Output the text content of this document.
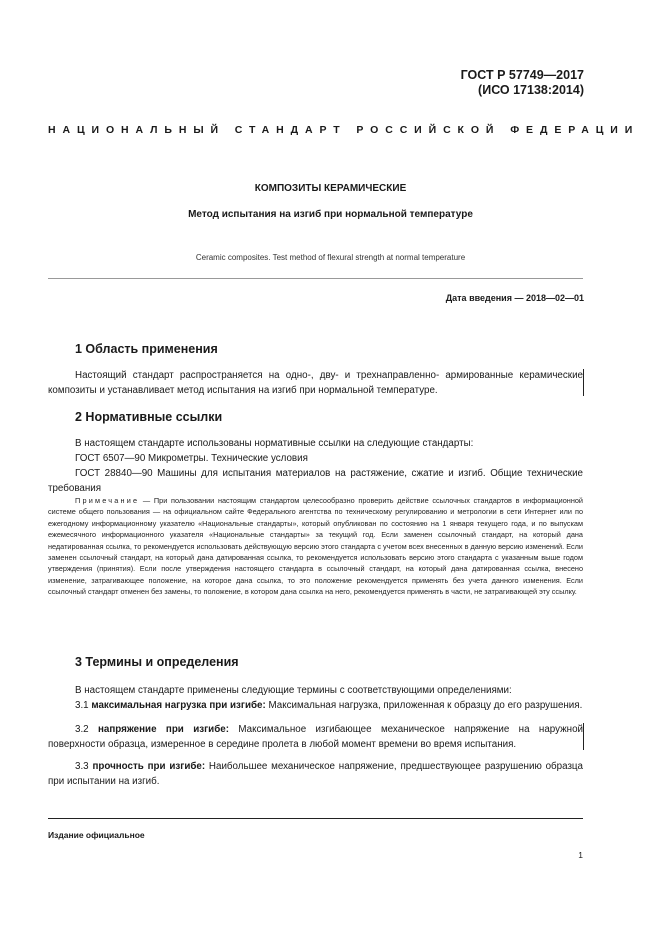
ГОСТ Р 57749—2017
(ИСО 17138:2014)
НАЦИОНАЛЬНЫЙ СТАНДАРТ РОССИЙСКОЙ ФЕДЕРАЦИИ
КОМПОЗИТЫ КЕРАМИЧЕСКИЕ
Метод испытания на изгиб при нормальной температуре
Ceramic composites. Test method of flexural strength at normal temperature
Дата введения — 2018—02—01
1 Область применения
Настоящий стандарт распространяется на одно-, дву- и трехнаправленно- армированные керамические композиты и устанавливает метод испытания на изгиб при нормальной температуре.
2 Нормативные ссылки
В настоящем стандарте использованы нормативные ссылки на следующие стандарты:
ГОСТ 6507—90 Микрометры. Технические условия
ГОСТ 28840—90 Машины для испытания материалов на растяжение, сжатие и изгиб. Общие технические требования
Примечание — При пользовании настоящим стандартом целесообразно проверить действие ссылочных стандартов в информационной системе общего пользования — на официальном сайте Федерального агентства по техническому регулированию и метрологии в сети Интернет или по ежегодному информационному указателю «Национальные стандарты», который опубликован по состоянию на 1 января текущего года, и по выпускам ежемесячного информационного указателя «Национальные стандарты» за текущий год. Если заменен ссылочный стандарт, на который дана недатированная ссылка, то рекомендуется использовать действующую версию этого стандарта с учетом всех внесенных в данную версию изменений. Если заменен ссылочный стандарт, на который дана датированная ссылка, то рекомендуется использовать версию этого стандарта с указанным выше годом утверждения (принятия). Если после утверждения настоящего стандарта в ссылочный стандарт, на который дана датированная ссылка, внесено изменение, затрагивающее положение, на которое дана ссылка, то это положение рекомендуется применять без учета данного изменения. Если ссылочный стандарт отменен без замены, то положение, в котором дана ссылка на него, рекомендуется применять в части, не затрагивающей эту ссылку.
3 Термины и определения
В настоящем стандарте применены следующие термины с соответствующими определениями:
3.1 максимальная нагрузка при изгибе: Максимальная нагрузка, приложенная к образцу до его разрушения.
3.2 напряжение при изгибе: Максимальное изгибающее механическое напряжение на наружной поверхности образца, измеренное в середине пролета в любой момент времени во время испытания.
3.3 прочность при изгибе: Наибольшее механическое напряжение, предшествующее разрушению образца при испытании на изгиб.
Издание официальное
1
